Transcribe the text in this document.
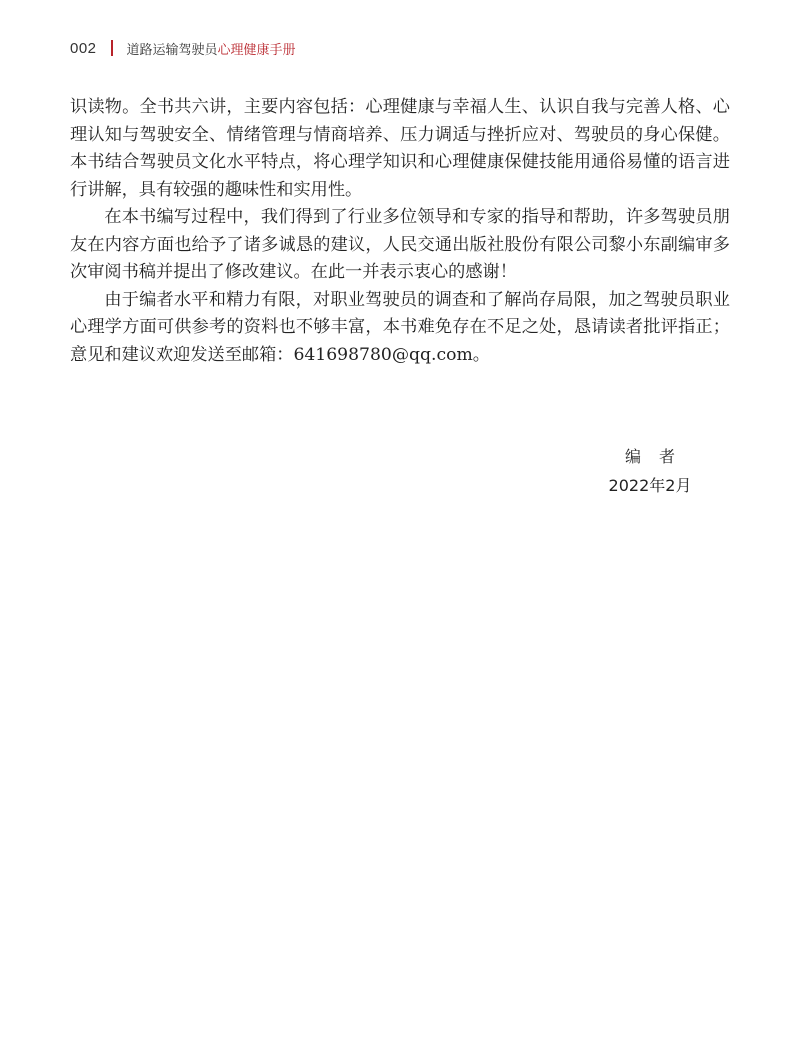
002 道路运输驾驶员 心理健康手册

识读物。全书共六讲，主要内容包括：心理健康与幸福人生、认识自我与完善人格、心理认知与驾驶安全、情绪管理与情商培养、压力调适与挫折应对、驾驶员的身心保健。本书结合驾驶员文化水平特点，将心理学知识和心理健康保健技能用通俗易懂的语言进行讲解，具有较强的趣味性和实用性。

在本书编写过程中，我们得到了行业多位领导和专家的指导和帮助，许多驾驶员朋友在内容方面也给予了诸多诚恳的建议，人民交通出版社股份有限公司黎小东副编审多次审阅书稿并提出了修改建议。在此一并表示衷心的感谢！

由于编者水平和精力有限，对职业驾驶员的调查和了解尚存局限，加之驾驶员职业心理学方面可供参考的资料也不够丰富，本书难免存在不足之处，恳请读者批评指正；意见和建议欢迎发送至邮箱：641698780@qq.com。

编者
2022年2月
